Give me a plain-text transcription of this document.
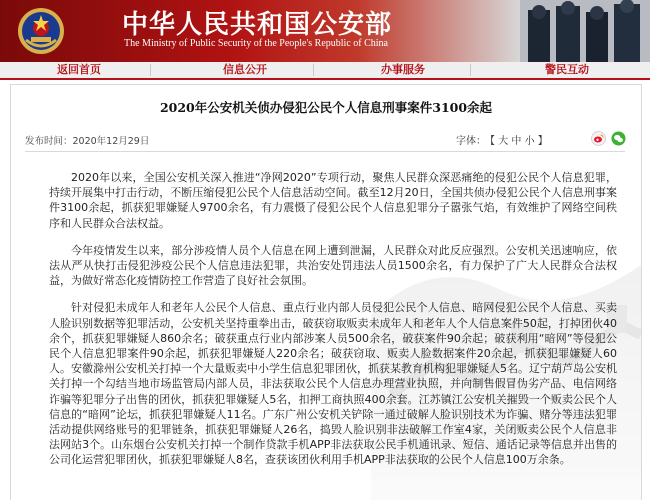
中华人民共和国公安部
The Ministry of Public Security of the People's Republic of China
返回首页	信息公开	办事服务	警民互动
2020年公安机关侦办侵犯公民个人信息刑事案件3100余起
发布时间：2020年12月29日	字体： 【 大 中 小 】

2020年以来，全国公安机关深入推进“净网2020”专项行动，聚焦人民群众深恶痛绝的侵犯公民个人信息犯罪，持续开展集中打击行动，不断压缩侵犯公民个人信息活动空间。截至12月20日，全国共侦办侵犯公民个人信息刑事案件3100余起，抓获犯罪嫌疑人9700余名，有力震慑了侵犯公民个人信息犯罪分子嚣张气焰，有效维护了网络空间秩序和人民群众合法权益。

今年疫情发生以来，部分涉疫情人员个人信息在网上遭到泄漏，人民群众对此反应强烈。公安机关迅速响应，依法从严从快打击侵犯涉疫公民个人信息违法犯罪，共治安处罚违法人员1500余名，有力保护了广大人民群众合法权益，为做好常态化疫情防控工作营造了良好社会氛围。

针对侵犯未成年人和老年人公民个人信息、重点行业内部人员侵犯公民个人信息、暗网侵犯公民个人信息、买卖人脸识别数据等犯罪活动，公安机关坚持重拳出击，破获窃取贩卖未成年人和老年人个人信息案件50起，打掉团伙40余个，抓获犯罪嫌疑人860余名；破获重点行业内部涉案人员500余名，破获案件90余起；破获利用“暗网”等侵犯公民个人信息犯罪案件90余起，抓获犯罪嫌疑人220余名；破获窃取、贩卖人脸数据案件20余起，抓获犯罪嫌疑人60人。安徽滁州公安机关打掉一个大量贩卖中小学生信息犯罪团伙，抓获某教育机构犯罪嫌疑人5名。辽宁葫芦岛公安机关打掉一个勾结当地市场监管局内部人员，非法获取公民个人信息办理营业执照，并向制售假冒伪劣产品、电信网络诈骗等犯罪分子出售的团伙，抓获犯罪嫌疑人5名，扣押工商执照400余套。江苏镇江公安机关摧毁一个贩卖公民个人信息的“暗网”论坛，抓获犯罪嫌疑人11名。广东广州公安机关铲除一通过破解人脸识别技术为诈骗、赌分等违法犯罪活动提供网络账号的犯罪链条，抓获犯罪嫌疑人26名，捣毁人脸识别非法破解工作室4家，关闭贩卖公民个人信息非法网站3个。山东烟台公安机关打掉一个制作贷款手机APP非法获取公民手机通讯录、短信、通话记录等信息并出售的公司化运营犯罪团伙，抓获犯罪嫌疑人8名，查获该团伙利用手机APP非法获取的公民个人信息100万余条。
